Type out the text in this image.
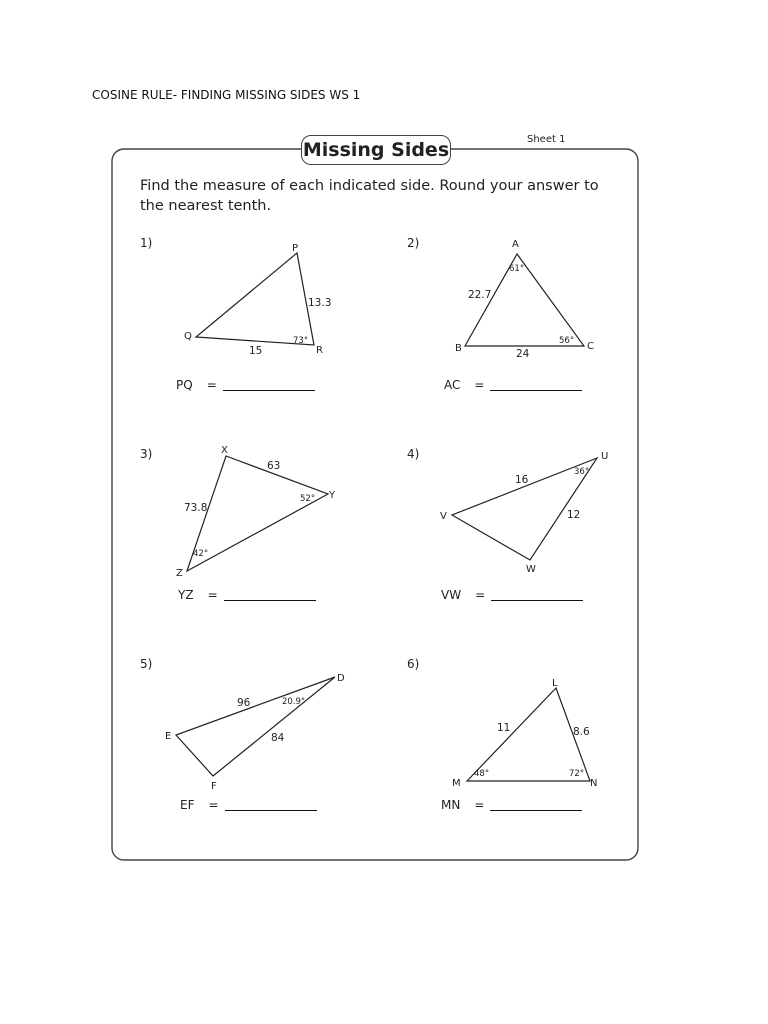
COSINE RULE- FINDING MISSING SIDES WS 1
P
Q
R
13.3
15
73°
A
B	C
22.7
24
61°
56°
X
Y
Z
63
73.8
52°
42°
U
V
W
16
12
36°
D
E
F
96
84
20.9°
L
M	N
11	8.6
48°	72°
Missing Sides	Sheet 1
Find the measure of each indicated side. Round your answer to the nearest tenth.
1)	2)
3)	4)
5)	6)
PQ =	AC =
YZ =	VW =
EF =	MN =
